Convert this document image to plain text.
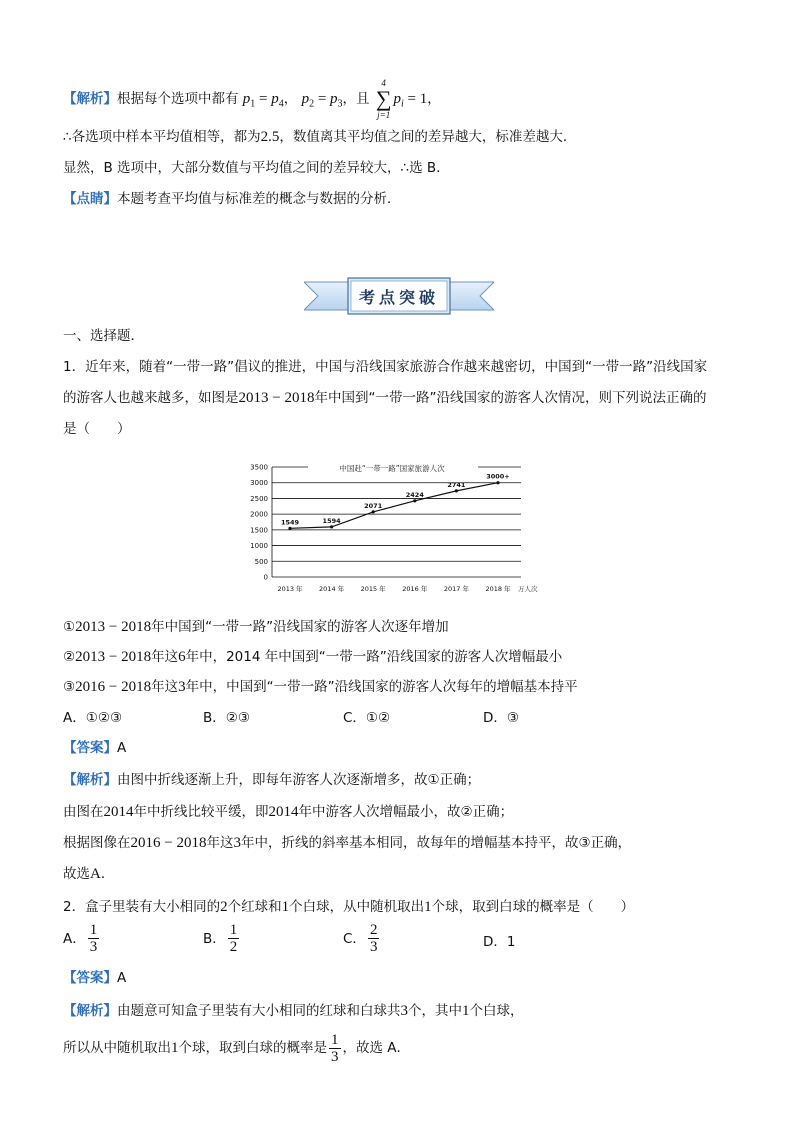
【解析】根据每个选项中都有 $p_1 = p_4$， $p_2 = p_3$，且
4
∑
j=1
$p_i = 1$，
∴各选项中样本平均值相等，都为2.5，数值离其平均值之间的差异越大，标准差越大．
显然，B 选项中，大部分数值与平均值之间的差异较大，∴选 B．
【点睛】本题考查平均值与标准差的概念与数据的分析．
考点突破
一、选择题．
1．近年来，随着“一带一路”倡议的推进，中国与沿线国家旅游合作越来越密切，中国到“一带一路”沿线国家
的游客人也越来越多，如图是2013 − 2018年中国到“一带一路”沿线国家的游客人次情况，则下列说法正确的
是（　　）
0
500
1000
1500
2000
2500
3000
3500
2013 年	2014 年	2015 年	2016 年	2017 年	2018 年
1549	1594
2071
2424
2741
3000+
中国赴“一带一路”国家旅游人次
万人次
①2013 − 2018年中国到“一带一路”沿线国家的游客人次逐年增加
②2013 − 2018年这6年中，2014 年中国到“一带一路”沿线国家的游客人次增幅最小
③2016 − 2018年这3年中，中国到“一带一路”沿线国家的游客人次每年的增幅基本持平
A．①②③	B．②③	C．①②	D．③
【答案】A
【解析】由图中折线逐渐上升，即每年游客人次逐渐增多，故①正确；
由图在2014年中折线比较平缓，即2014年中游客人次增幅最小，故②正确；
根据图像在2016 − 2018年这3年中，折线的斜率基本相同，故每年的增幅基本持平，故③正确，
故选A．
2．盒子里装有大小相同的2个红球和1个白球，从中随机取出1个球，取到白球的概率是（　　）
A． $\frac{1}{3}$	B． $\frac{1}{2}$	C． $\frac{2}{3}$	D．1
【答案】A
【解析】由题意可知盒子里装有大小相同的红球和白球共3个，其中1个白球，
所以从中随机取出1个球，取到白球的概率是 $\frac{1}{3}$ ，故选 A．
